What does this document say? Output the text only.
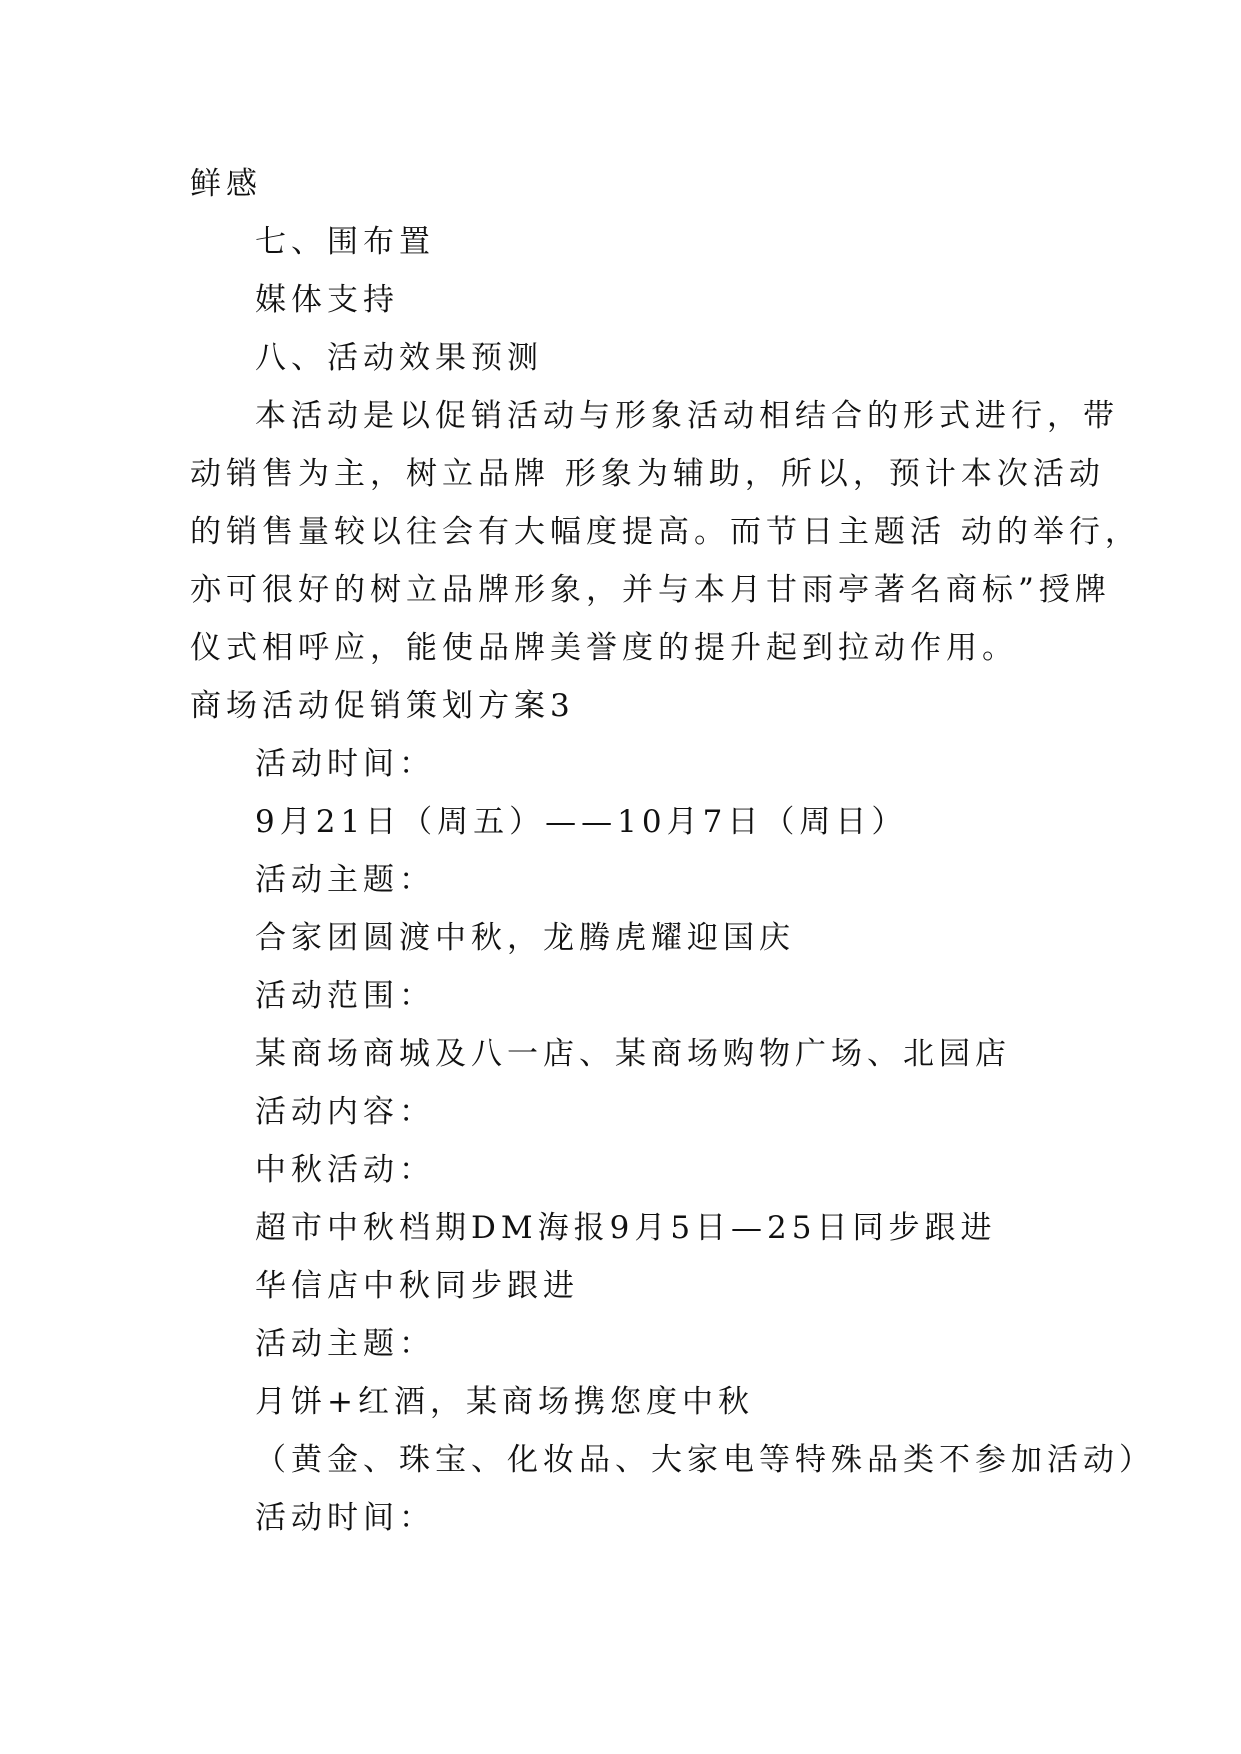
鲜感
七、围布置
媒体支持
八、活动效果预测
本活动是以促销活动与形象活动相结合的形式进行，带
动销售为主，树立品牌 形象为辅助，所以，预计本次活动
的销售量较以往会有大幅度提高。而节日主题活 动的举行，
亦可很好的树立品牌形象，并与本月甘雨亭著名商标”授牌
仪式相呼应，能使品牌美誉度的提升起到拉动作用。
商场活动促销策划方案3
活动时间：
9月21日（周五）——10月7日（周日）
活动主题：
合家团圆渡中秋，龙腾虎耀迎国庆
活动范围：
某商场商城及八一店、某商场购物广场、北园店
活动内容：
中秋活动：
超市中秋档期DM海报9月5日—25日同步跟进
华信店中秋同步跟进
活动主题：
月饼+红酒，某商场携您度中秋
（黄金、珠宝、化妆品、大家电等特殊品类不参加活动）
活动时间：
